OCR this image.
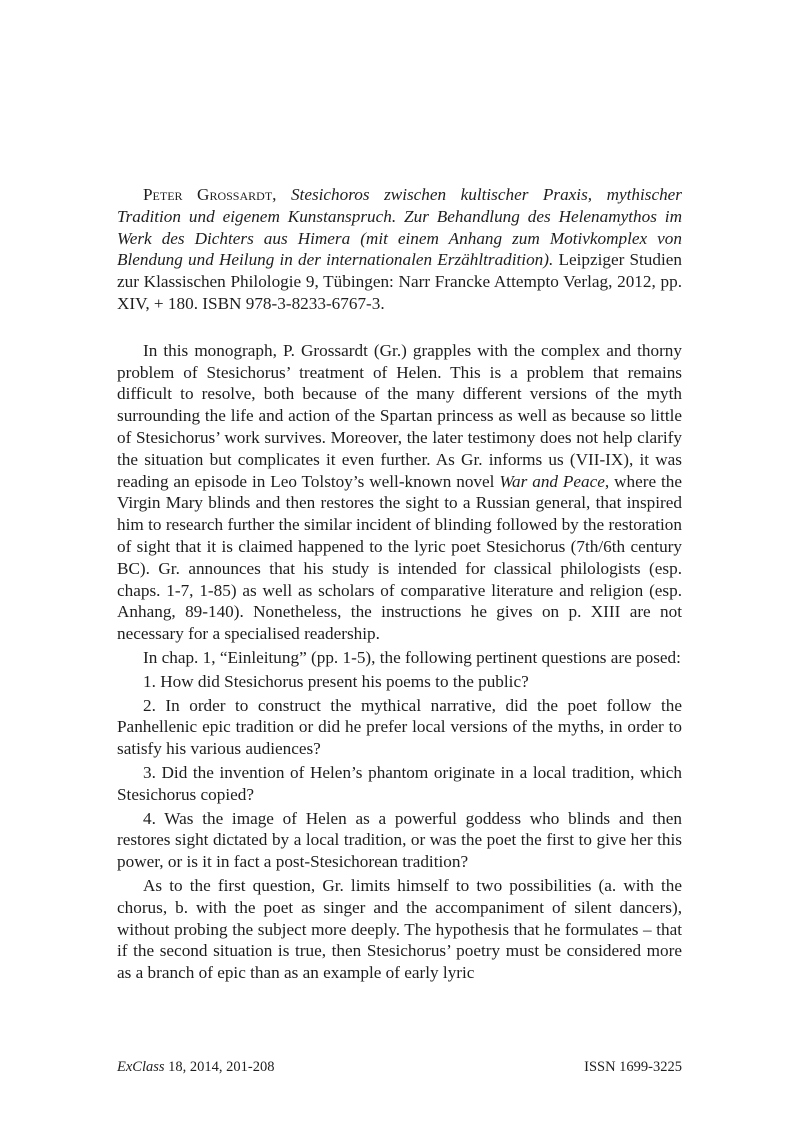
Peter Grossardt, Stesichoros zwischen kultischer Praxis, mythischer Tradition und eigenem Kunstanspruch. Zur Behandlung des Helenamythos im Werk des Dichters aus Himera (mit einem Anhang zum Motivkomplex von Blendung und Heilung in der internationalen Erzähltradition). Leipziger Studien zur Klassischen Philologie 9, Tübingen: Narr Francke Attempto Verlag, 2012, pp. XIV, + 180. ISBN 978-3-8233-6767-3.

In this monograph, P. Grossardt (Gr.) grapples with the complex and thorny problem of Stesichorus’ treatment of Helen. This is a problem that remains difficult to resolve, both because of the many different versions of the myth surrounding the life and action of the Spartan princess as well as because so little of Stesichorus’ work survives. Moreover, the later testimony does not help clarify the situation but complicates it even further. As Gr. informs us (VII-IX), it was reading an episode in Leo Tolstoy’s well-known novel War and Peace, where the Virgin Mary blinds and then restores the sight to a Russian general, that inspired him to research further the similar incident of blinding followed by the restoration of sight that it is claimed happened to the lyric poet Stesichorus (7th/6th century BC). Gr. announces that his study is intended for classical philologists (esp. chaps. 1-7, 1-85) as well as scholars of comparative literature and religion (esp. Anhang, 89-140). Nonetheless, the instructions he gives on p. XIII are not necessary for a specialised readership.

In chap. 1, “Einleitung” (pp. 1-5), the following pertinent questions are posed:

1. How did Stesichorus present his poems to the public?

2. In order to construct the mythical narrative, did the poet follow the Panhellenic epic tradition or did he prefer local versions of the myths, in order to satisfy his various audiences?

3. Did the invention of Helen’s phantom originate in a local tradition, which Stesichorus copied?

4. Was the image of Helen as a powerful goddess who blinds and then restores sight dictated by a local tradition, or was the poet the first to give her this power, or is it in fact a post-Stesichorean tradition?

As to the first question, Gr. limits himself to two possibilities (a. with the chorus, b. with the poet as singer and the accompaniment of silent dancers), without probing the subject more deeply. The hypothesis that he formulates – that if the second situation is true, then Stesichorus’ poetry must be considered more as a branch of epic than as an example of early lyric

ExClass 18, 2014, 201-208	ISSN 1699-3225
